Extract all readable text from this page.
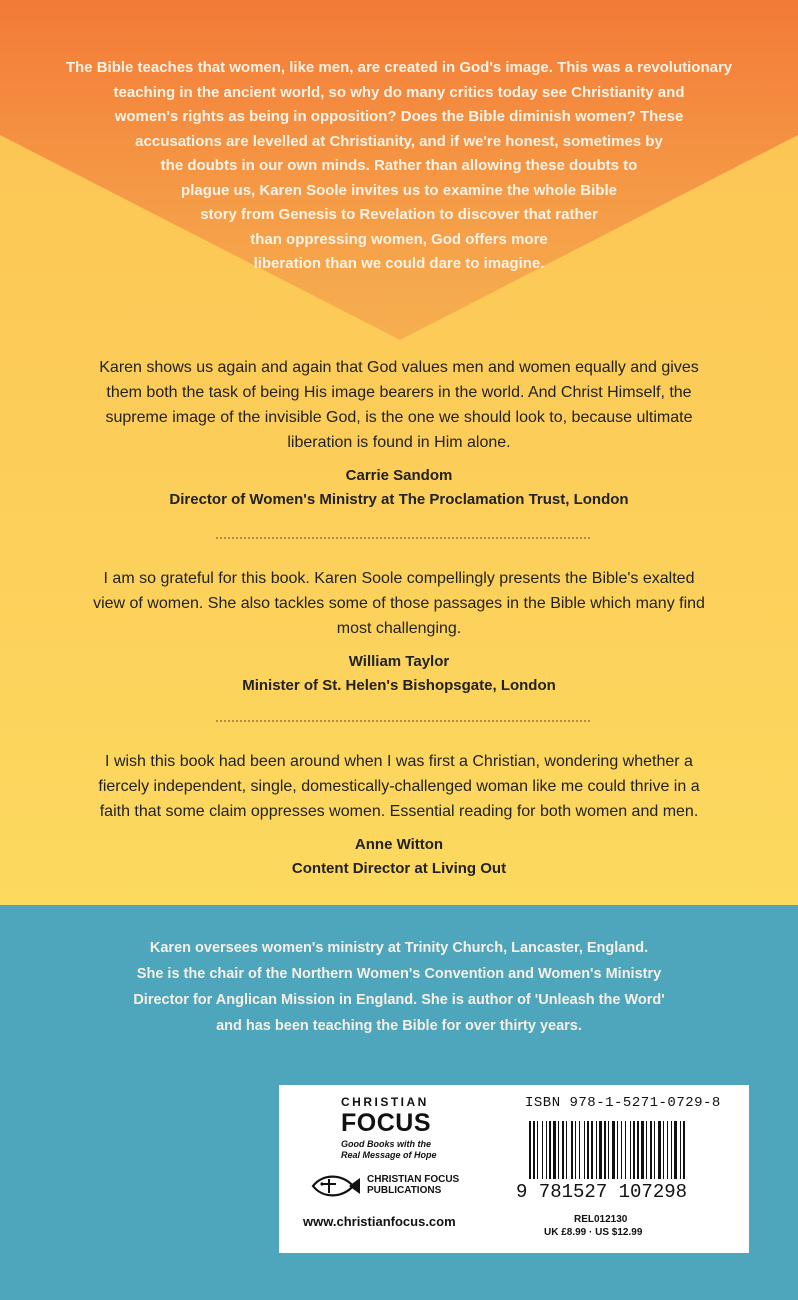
The Bible teaches that women, like men, are created in God's image. This was a revolutionary
teaching in the ancient world, so why do many critics today see Christianity and
women's rights as being in opposition? Does the Bible diminish women? These
accusations are levelled at Christianity, and if we're honest, sometimes by
the doubts in our own minds. Rather than allowing these doubts to
plague us, Karen Soole invites us to examine the whole Bible
story from Genesis to Revelation to discover that rather
than oppressing women, God offers more
liberation than we could dare to imagine.

Karen shows us again and again that God values men and women equally and gives
them both the task of being His image bearers in the world. And Christ Himself, the
supreme image of the invisible God, is the one we should look to, because ultimate
liberation is found in Him alone.

Carrie Sandom

Director of Women's Ministry at The Proclamation Trust, London

I am so grateful for this book. Karen Soole compellingly presents the Bible's exalted
view of women. She also tackles some of those passages in the Bible which many find
most challenging.

William Taylor

Minister of St. Helen's Bishopsgate, London

I wish this book had been around when I was first a Christian, wondering whether a
fiercely independent, single, domestically-challenged woman like me could thrive in a
faith that some claim oppresses women. Essential reading for both women and men.

Anne Witton

Content Director at Living Out

Karen oversees women's ministry at Trinity Church, Lancaster, England.
She is the chair of the Northern Women's Convention and Women's Ministry
Director for Anglican Mission in England. She is author of 'Unleash the Word'
and has been teaching the Bible for over thirty years.

CHRISTIAN
FOCUS
Good Books with the
Real Message of Hope
CHRISTIAN FOCUS
PUBLICATIONS
www.christianfocus.com
ISBN 978-1-5271-0729-8
9 781527 107298
REL012130
UK £8.99 · US $12.99
